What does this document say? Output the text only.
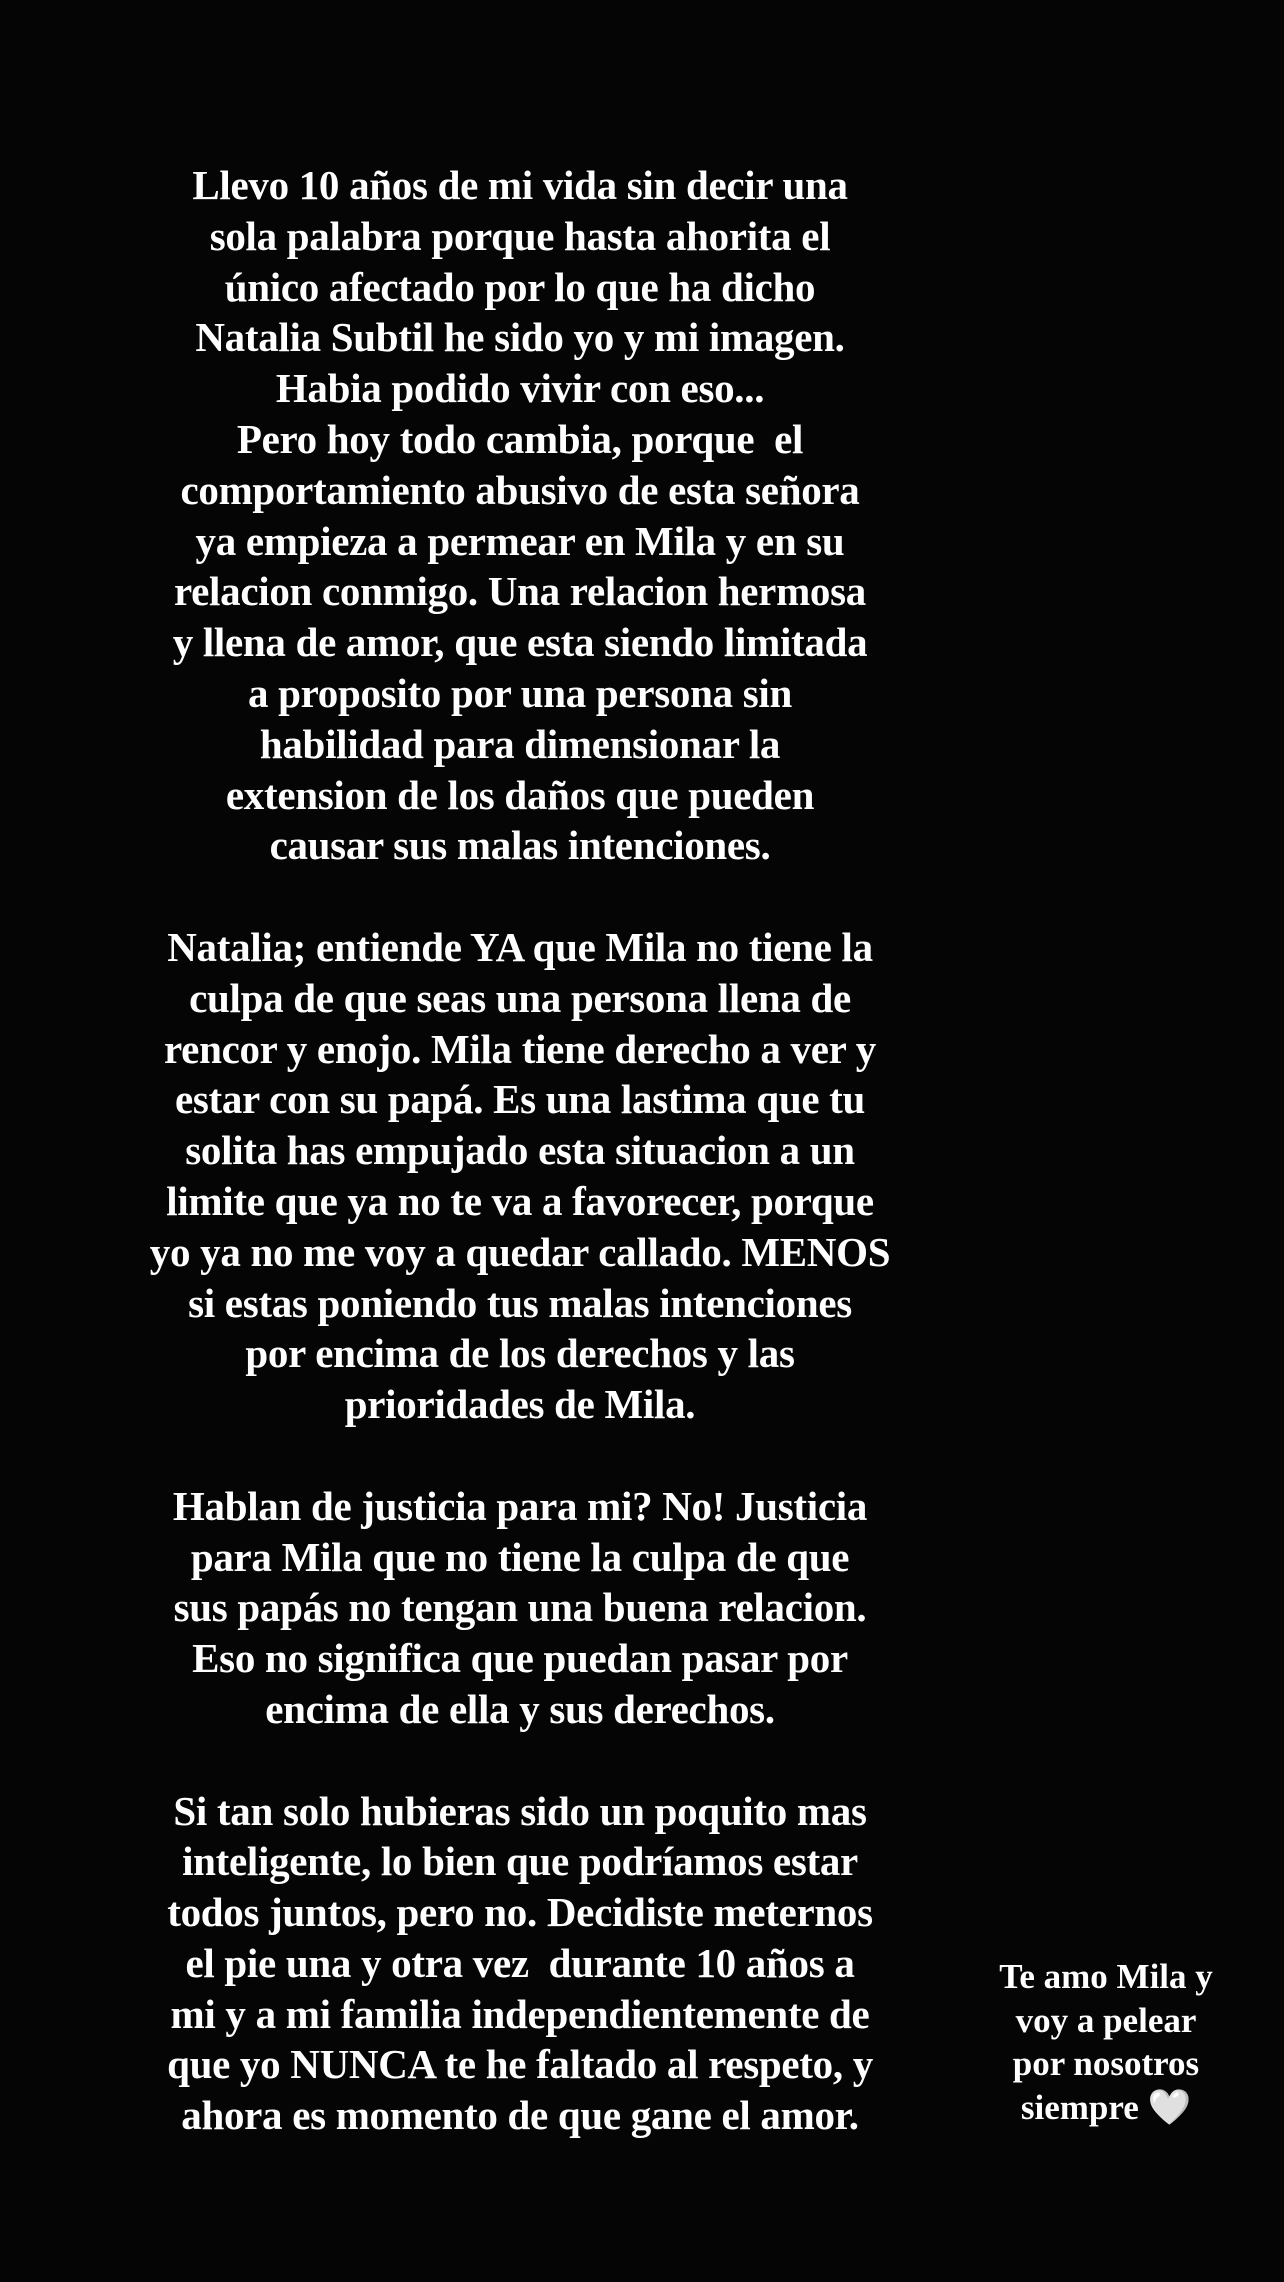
Llevo 10 años de mi vida sin decir una
sola palabra porque hasta ahorita el
único afectado por lo que ha dicho
Natalia Subtil he sido yo y mi imagen.
Habia podido vivir con eso...
Pero hoy todo cambia, porque  el
comportamiento abusivo de esta señora
ya empieza a permear en Mila y en su
relacion conmigo. Una relacion hermosa
y llena de amor, que esta siendo limitada
a proposito por una persona sin
habilidad para dimensionar la
extension de los daños que pueden
causar sus malas intenciones.
Natalia; entiende YA que Mila no tiene la
culpa de que seas una persona llena de
rencor y enojo. Mila tiene derecho a ver y
estar con su papá. Es una lastima que tu
solita has empujado esta situacion a un
limite que ya no te va a favorecer, porque
yo ya no me voy a quedar callado. MENOS
si estas poniendo tus malas intenciones
por encima de los derechos y las
prioridades de Mila.
Hablan de justicia para mi? No! Justicia
para Mila que no tiene la culpa de que
sus papás no tengan una buena relacion.
Eso no significa que puedan pasar por
encima de ella y sus derechos.
Si tan solo hubieras sido un poquito mas
inteligente, lo bien que podríamos estar
todos juntos, pero no. Decidiste meternos
el pie una y otra vez  durante 10 años a
mi y a mi familia independientemente de
que yo NUNCA te he faltado al respeto, y
ahora es momento de que gane el amor.
Te amo Mila y
voy a pelear
por nosotros
siempre 🤍
